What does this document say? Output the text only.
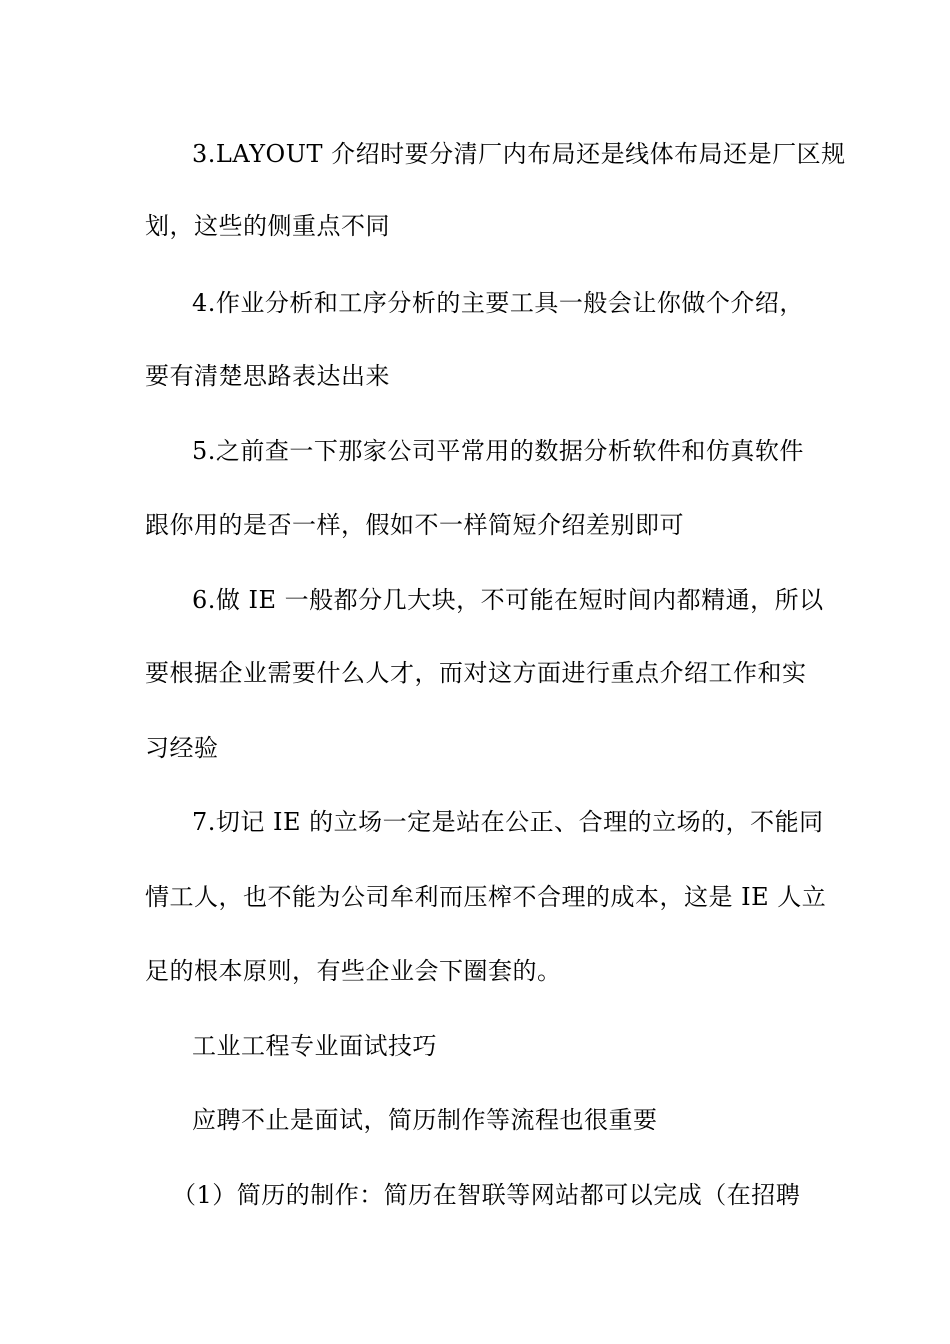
3.LAYOUT 介绍时要分清厂内布局还是线体布局还是厂区规
划，这些的侧重点不同
4.作业分析和工序分析的主要工具一般会让你做个介绍，
要有清楚思路表达出来
5.之前查一下那家公司平常用的数据分析软件和仿真软件
跟你用的是否一样，假如不一样简短介绍差别即可
6.做 IE 一般都分几大块，不可能在短时间内都精通，所以
要根据企业需要什么人才，而对这方面进行重点介绍工作和实
习经验
7.切记 IE 的立场一定是站在公正、合理的立场的，不能同
情工人，也不能为公司牟利而压榨不合理的成本，这是 IE 人立
足的根本原则，有些企业会下圈套的。
工业工程专业面试技巧
应聘不止是面试，简历制作等流程也很重要
（1）简历的制作：简历在智联等网站都可以完成（在招聘
